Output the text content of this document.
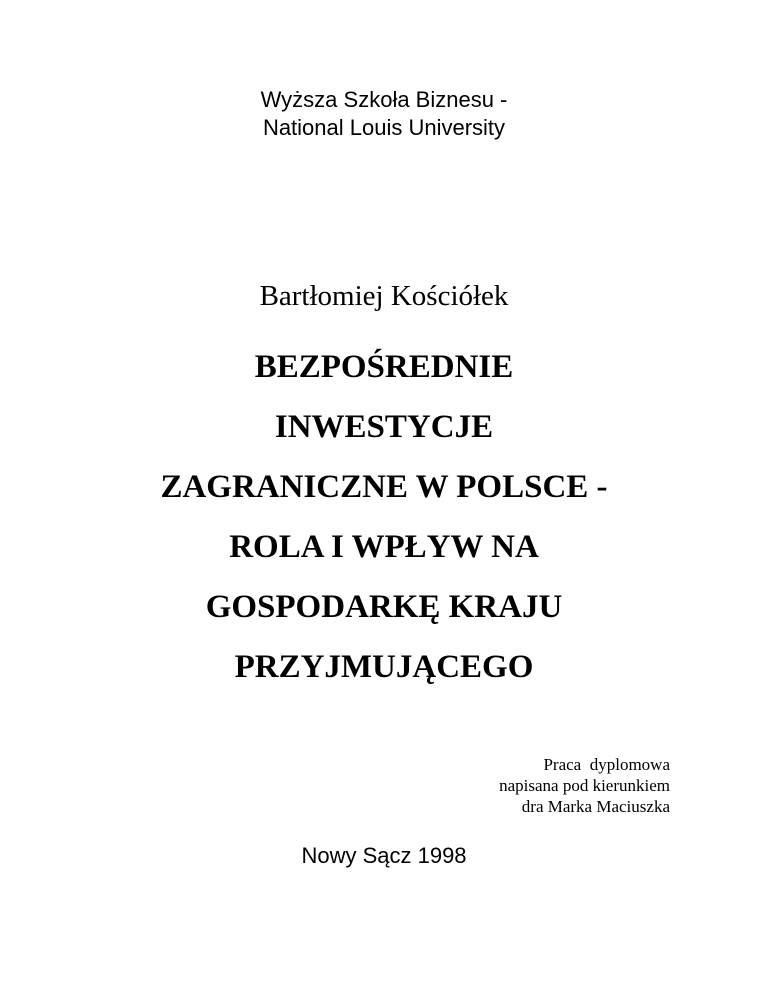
Wyższa Szkoła Biznesu -
National Louis University
Bartłomiej Kościółek
BEZPOŚREDNIE
INWESTYCJE
ZAGRANICZNE W POLSCE -
ROLA I WPŁYW NA
GOSPODARKĘ KRAJU
PRZYJMUJĄCEGO
Praca  dyplomowa
napisana pod kierunkiem
dra Marka Maciuszka
Nowy Sącz 1998
